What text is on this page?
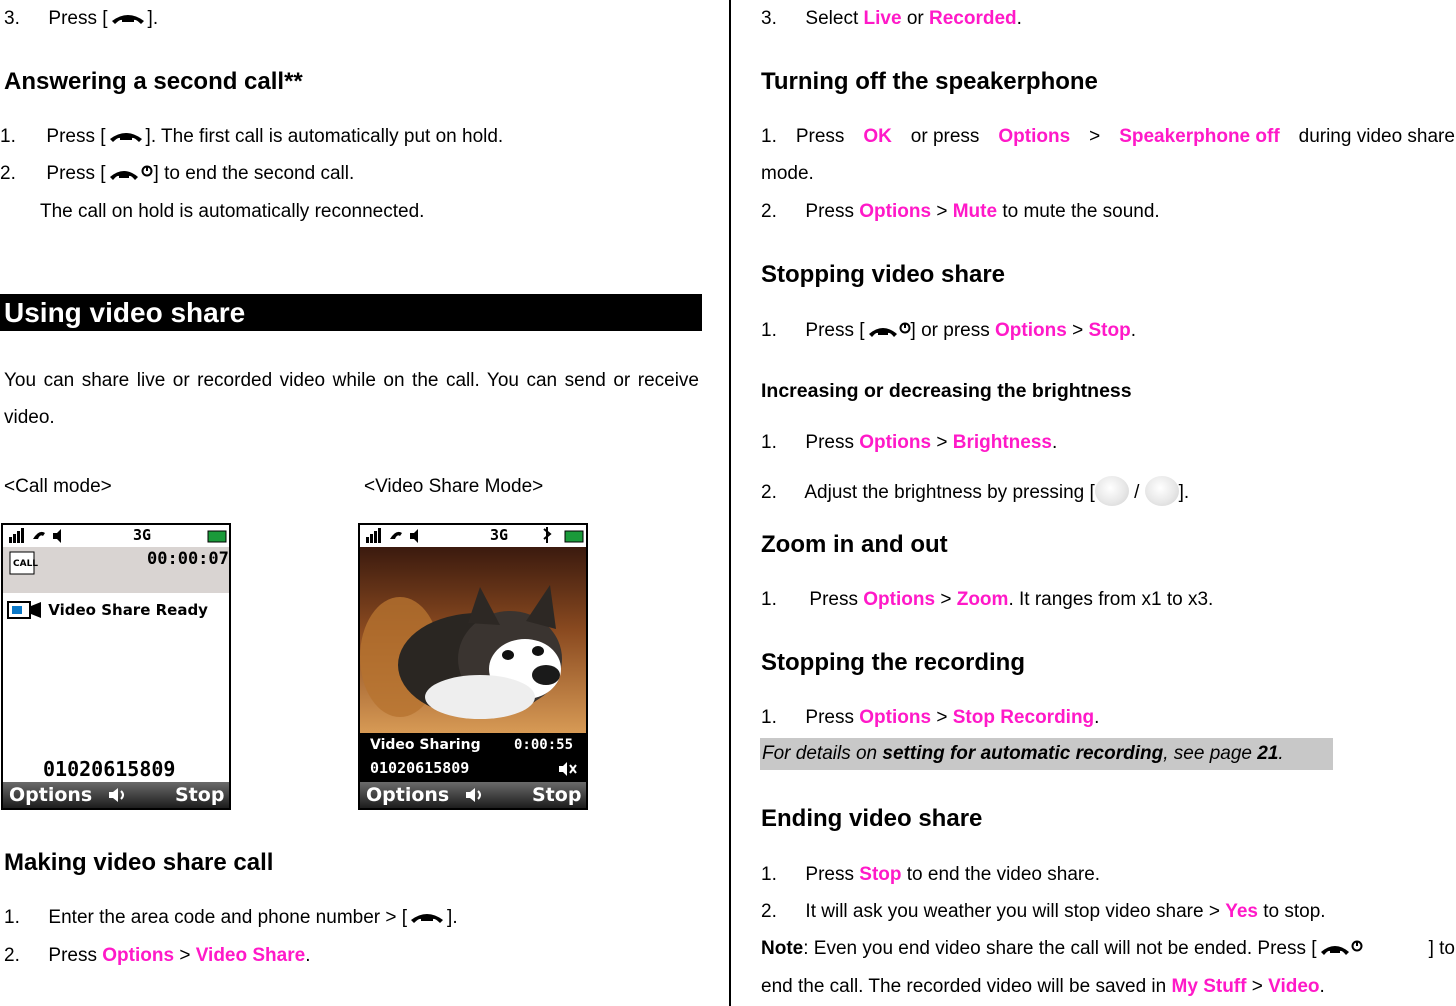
3. Press [ ].
Answering a second call**
1. Press [ ]. The first call is automatically put on hold.
2. Press [	] to end the second call.
The call on hold is automatically reconnected.
Using video share
You can share live or recorded video while on the call. You can send or receive video.
<Call mode>	<Video Share Mode>
3G
CALL	00:00:07
Video Share Ready
01020615809
Options	Stop
3G
Video Sharing 0:00:55
01020615809
Options	Stop
Making video share call
1. Enter the area code and phone number > [ ].
2. Press Options > Video Share.
3. Select Live or Recorded.
Turning off the speakerphone
1. Press OK or press Options > Speakerphone off during video share
mode.
2. Press Options > Mute to mute the sound.
Stopping video share
1. Press [ ] or press Options > Stop.
Increasing or decreasing the brightness
1. Press Options > Brightness.
2. Adjust the brightness by pressing [ / ].
Zoom in and out
1. Press Options > Zoom. It ranges from x1 to x3.
Stopping the recording
1. Press Options > Stop Recording.
For details on setting for automatic recording, see page 21.
Ending video share
1. Press Stop to end the video share.
2. It will ask you weather you will stop video share > Yes to stop.
Note: Even you end video share the call will not be ended. Press [	] to
end the call. The recorded video will be saved in My Stuff > Video.
